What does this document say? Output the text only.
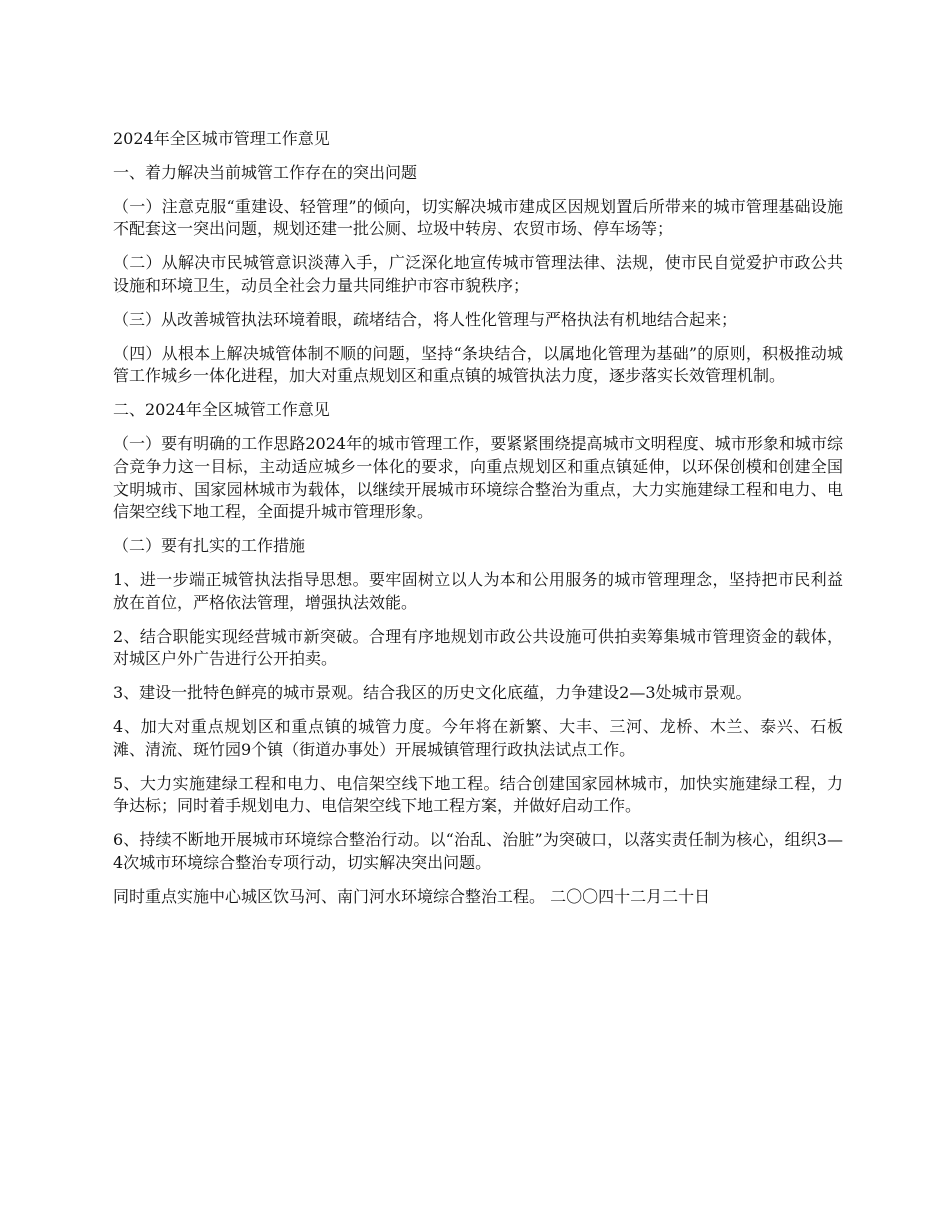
2024年全区城市管理工作意见

一、着力解决当前城管工作存在的突出问题

（一）注意克服“重建设、轻管理”的倾向，切实解决城市建成区因规划置后所带来的城市管理基础设施不配套这一突出问题，规划还建一批公厕、垃圾中转房、农贸市场、停车场等；

（二）从解决市民城管意识淡薄入手，广泛深化地宣传城市管理法律、法规，使市民自觉爱护市政公共设施和环境卫生，动员全社会力量共同维护市容市貌秩序；

（三）从改善城管执法环境着眼，疏堵结合，将人性化管理与严格执法有机地结合起来；

（四）从根本上解决城管体制不顺的问题，坚持“条块结合，以属地化管理为基础”的原则，积极推动城管工作城乡一体化进程，加大对重点规划区和重点镇的城管执法力度，逐步落实长效管理机制。

二、2024年全区城管工作意见

（一）要有明确的工作思路2024年的城市管理工作，要紧紧围绕提高城市文明程度、城市形象和城市综合竞争力这一目标，主动适应城乡一体化的要求，向重点规划区和重点镇延伸，以环保创模和创建全国文明城市、国家园林城市为载体，以继续开展城市环境综合整治为重点，大力实施建绿工程和电力、电信架空线下地工程，全面提升城市管理形象。

（二）要有扎实的工作措施

1、进一步端正城管执法指导思想。要牢固树立以人为本和公用服务的城市管理理念，坚持把市民利益放在首位，严格依法管理，增强执法效能。

2、结合职能实现经营城市新突破。合理有序地规划市政公共设施可供拍卖筹集城市管理资金的载体，对城区户外广告进行公开拍卖。

3、建设一批特色鲜亮的城市景观。结合我区的历史文化底蕴，力争建设2—3处城市景观。

4、加大对重点规划区和重点镇的城管力度。今年将在新繁、大丰、三河、龙桥、木兰、泰兴、石板滩、清流、斑竹园9个镇（街道办事处）开展城镇管理行政执法试点工作。

5、大力实施建绿工程和电力、电信架空线下地工程。结合创建国家园林城市，加快实施建绿工程，力争达标；同时着手规划电力、电信架空线下地工程方案，并做好启动工作。

6、持续不断地开展城市环境综合整治行动。以“治乱、治脏”为突破口，以落实责任制为核心，组织3—4次城市环境综合整治专项行动，切实解决突出问题。

同时重点实施中心城区饮马河、南门河水环境综合整治工程。 二〇〇四十二月二十日
